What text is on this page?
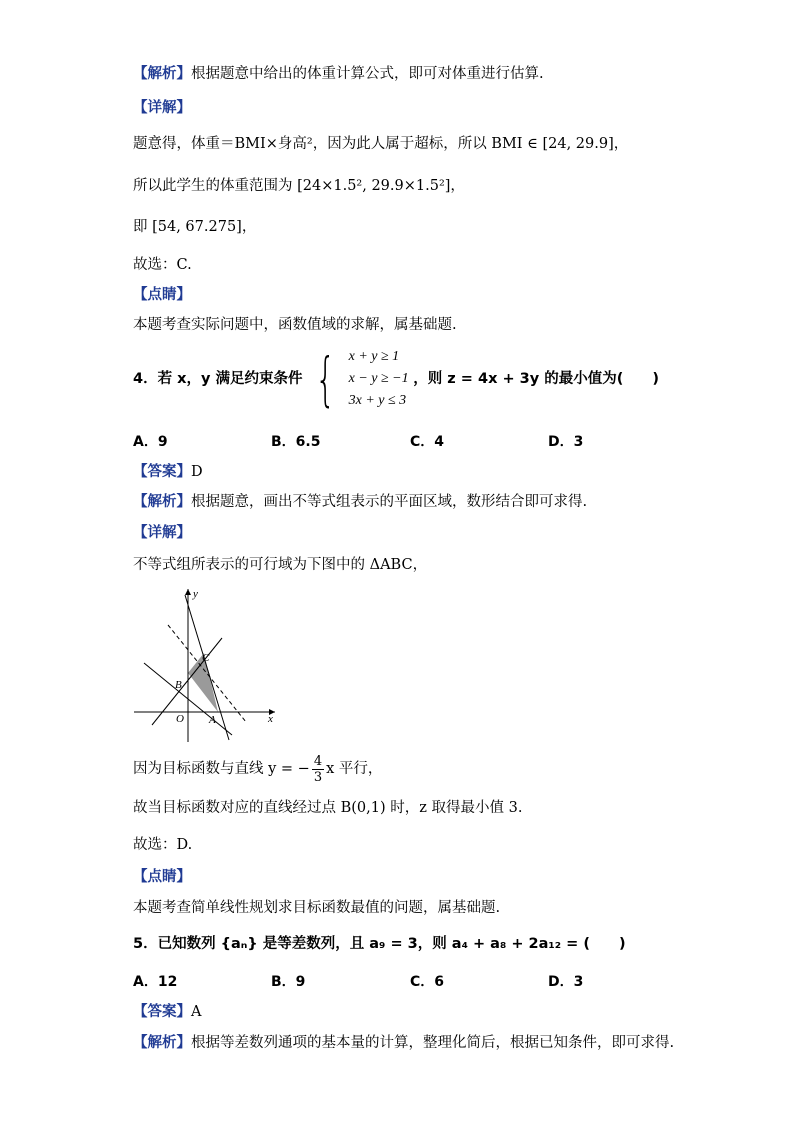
【解析】根据题意中给出的体重计算公式，即可对体重进行估算.
【详解】
题意得，体重＝BMI×身高²，因为此人属于超标，所以 BMI ∈ [24, 29.9]，
所以此学生的体重范围为 [24×1.5², 29.9×1.5²]，
即 [54, 67.275]，
故选：C.
【点睛】
本题考查实际问题中，函数值域的求解，属基础题.
4．若 x，y 满足约束条件 { x + y ≥ 1
x − y ≥ −1
3x + y ≤ 3
，则 z = 4x + 3y 的最小值为(　　)
A．9	B．6.5	C．4	D．3
【答案】D
【解析】根据题意，画出不等式组表示的平面区域，数形结合即可求得.
【详解】
不等式组所表示的可行域为下图中的 ΔABC，
y
x
O A
B
C
因为目标函数与直线 y = − $\frac{4}{3}$ x 平行，
故当目标函数对应的直线经过点 B(0,1) 时，z 取得最小值 3.
故选：D.
【点睛】
本题考查简单线性规划求目标函数最值的问题，属基础题.
5．已知数列 {aₙ} 是等差数列，且 a₉ = 3，则 a₄ + a₈ + 2a₁₂ = (　　)
A．12	B．9	C．6	D．3
【答案】A
【解析】根据等差数列通项的基本量的计算，整理化简后，根据已知条件，即可求得.
